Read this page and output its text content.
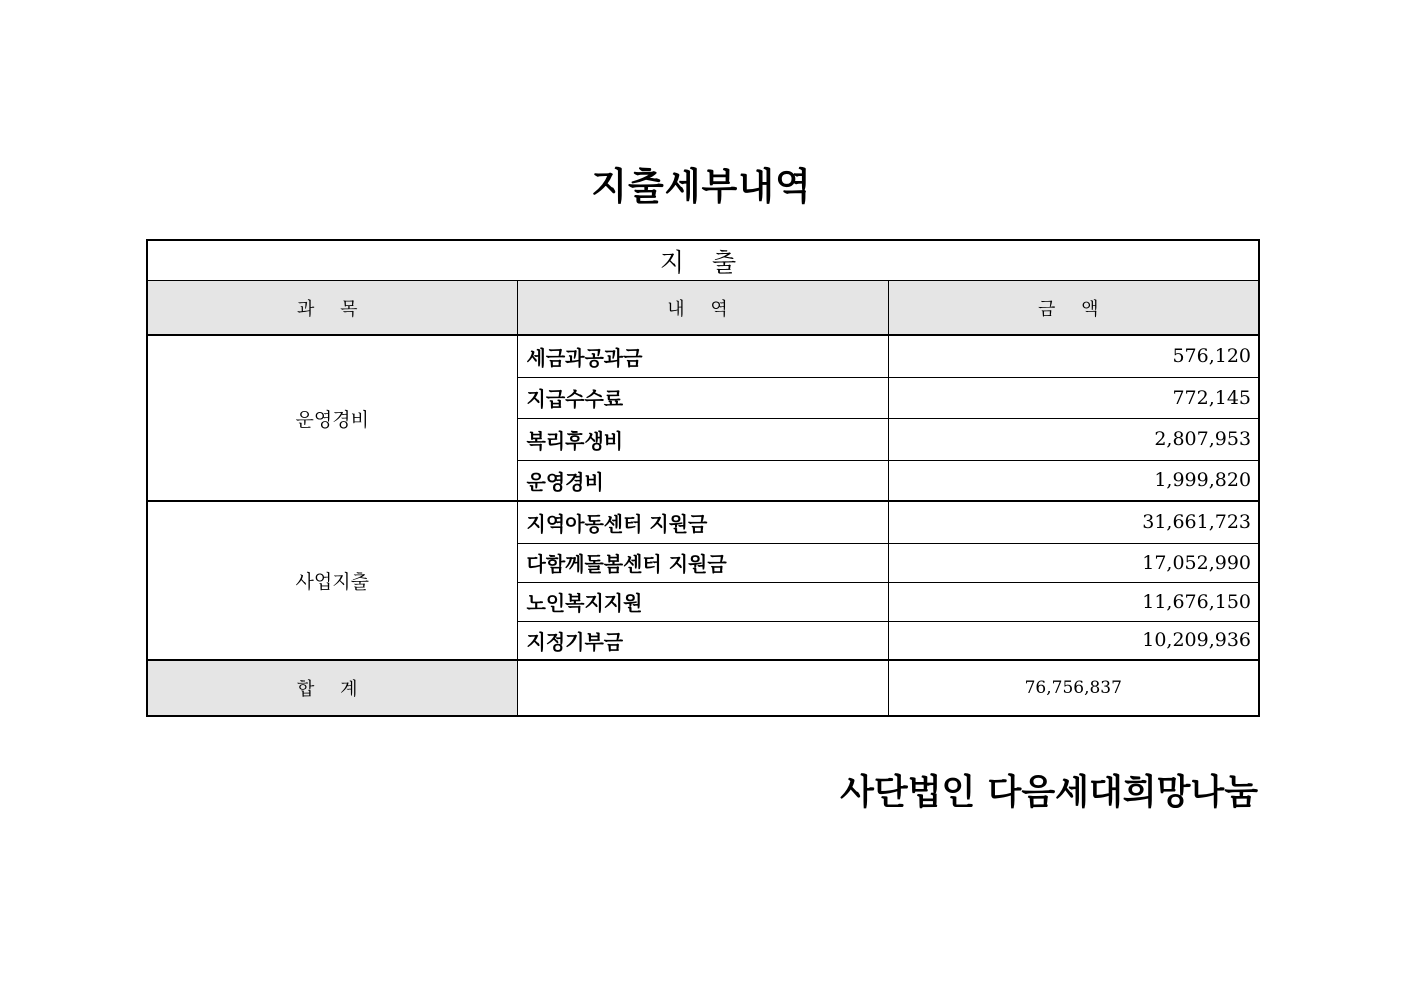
지출세부내역
지 출		
과 목	내 역	금 액
운영경비	세금과공과금	576,120
	지급수수료	772,145
	복리후생비	2,807,953
	운영경비	1,999,820
사업지출	지역아동센터 지원금	31,661,723
	다함께돌봄센터 지원금	17,052,990
	노인복지지원	11,676,150
	지정기부금	10,209,936
합 계		76,756,837

사단법인 다음세대희망나눔
